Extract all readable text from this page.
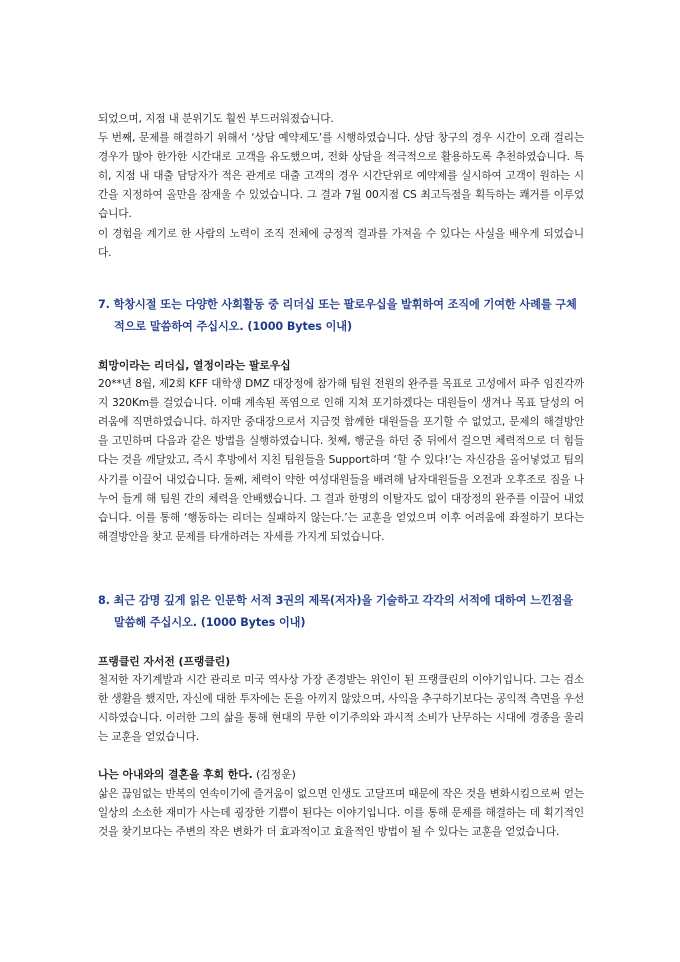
되었으며, 지점 내 분위기도 훨씬 부드러워졌습니다.

두 번째, 문제를 해결하기 위해서 ‘상담 예약제도’를 시행하였습니다. 상담 창구의 경우 시간이 오래 걸리는 경우가 많아 한가한 시간대로 고객을 유도했으며, 전화 상담을 적극적으로 활용하도록 추천하였습니다. 특히, 지점 내 대출 담당자가 적은 관계로 대출 고객의 경우 시간단위로 예약제를 실시하여 고객이 원하는 시간을 지정하여 올만을 잠재울 수 있었습니다. 그 결과 7월 00지점 CS 최고득점을 획득하는 쾌거를 이루었습니다.

이 경험을 계기로 한 사람의 노력이 조직 전체에 긍정적 결과를 가져올 수 있다는 사실을 배우게 되었습니다.

7. 학창시절 또는 다양한 사회활동 중 리더십 또는 팔로우십을 발휘하여 조직에 기여한 사례를 구체적으로 말씀하여 주십시오. (1000 Bytes 이내)

희망이라는 리더십, 열정이라는 팔로우십

20**년 8월, 제2회 KFF 대학생 DMZ 대장정에 참가해 팀원 전원의 완주를 목표로 고성에서 파주 임진각까지 320Km를 걸었습니다. 이때 계속된 폭염으로 인해 지쳐 포기하겠다는 대원들이 생겨나 목표 달성의 어려움에 직면하였습니다. 하지만 중대장으로서 지금껏 함께한 대원들을 포기할 수 없었고, 문제의 해결방안을 고민하며 다음과 같은 방법을 실행하였습니다. 첫째, 행군을 하던 중 뒤에서 걸으면 체력적으로 더 힘들다는 것을 깨달았고, 즉시 후방에서 지친 팀원들을 Support하며 ‘할 수 있다!’는 자신감을 올어넣었고 팀의 사기를 이끌어 내었습니다. 둘째, 체력이 약한 여성대원들을 배려해 남자대원들을 오전과 오후조로 짐을 나누어 들게 해 팀원 간의 체력을 안배했습니다. 그 결과 한명의 이탈자도 없이 대장정의 완주를 이끌어 내었습니다. 이를 통해 ‘행동하는 리더는 실패하지 않는다.’는 교훈을 얻었으며 이후 어려움에 좌절하기 보다는 해결방안을 찾고 문제를 타개하려는 자세를 가지게 되었습니다.

8. 최근 감명 깊게 읽은 인문학 서적 3권의 제목(저자)을 기술하고 각각의 서적에 대하여 느낀점을 말씀해 주십시오. (1000 Bytes 이내)

프랭클린 자서전 (프랭클린)

철저한 자기계발과 시간 관리로 미국 역사상 가장 존경받는 위인이 된 프랭클린의 이야기입니다. 그는 검소한 생활을 했지만, 자신에 대한 투자에는 돈을 아끼지 않았으며, 사익을 추구하기보다는 공익적 측면을 우선시하였습니다. 이러한 그의 삶을 통해 현대의 무한 이기주의와 과시적 소비가 난무하는 시대에 경종을 울리는 교훈을 얻었습니다.

나는 아내와의 결혼을 후회 한다. (김정운)

삶은 끊임없는 반복의 연속이기에 즐거움이 없으면 인생도 고달프며 때문에 작은 것을 변화시킴으로써 얻는 일상의 소소한 재미가 사는데 굉장한 기쁨이 된다는 이야기입니다. 이를 통해 문제를 해결하는 데 획기적인 것을 찾기보다는 주변의 작은 변화가 더 효과적이고 효율적인 방법이 될 수 있다는 교훈을 얻었습니다.
